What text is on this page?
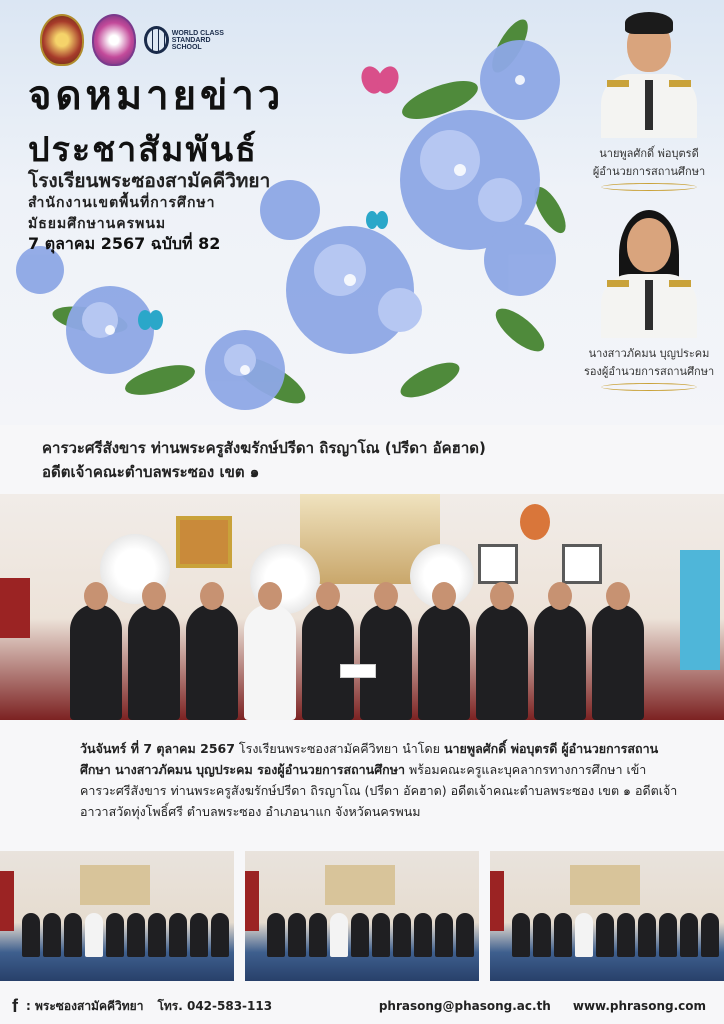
WORLD CLASS
STANDARD SCHOOL
จดหมายข่าว
ประชาสัมพันธ์
โรงเรียนพระซองสามัคคีวิทยา
สำนักงานเขตพื้นที่การศึกษา
มัธยมศึกษานครพนม
7 ตุลาคม 2567 ฉบับที่ 82
นายพูลศักดิ์ พ่อบุตรดี
ผู้อำนวยการสถานศึกษา
นางสาวภัคมน บุญประคม
รองผู้อำนวยการสถานศึกษา
คารวะศรีสังขาร ท่านพระครูสังฆรักษ์ปรีดา ถิรญาโณ (ปรีดา อัคฮาด)
อดีตเจ้าคณะตำบลพระซอง เขต ๑
วันจันทร์ ที่ 7 ตุลาคม 2567 โรงเรียนพระซองสามัคคีวิทยา นำโดย นายพูลศักดิ์ พ่อบุตรดี ผู้อำนวยการสถานศึกษา นางสาวภัคมน บุญประคม รองผู้อำนวยการสถานศึกษา พร้อมคณะครูและบุคลากรทางการศึกษา เข้าคารวะศรีสังขาร ท่านพระครูสังฆรักษ์ปรีดา ถิรญาโณ (ปรีดา อัคฮาด) อดีตเจ้าคณะตำบลพระซอง เขต ๑ อดีตเจ้าอาวาสวัดทุ่งโพธิ์ศรี ตำบลพระซอง อำเภอนาแก จังหวัดนครพนม
f : พระซองสามัคคีวิทยา โทร. 042-583-113	phrasong@phasong.ac.th www.phrasong.com
